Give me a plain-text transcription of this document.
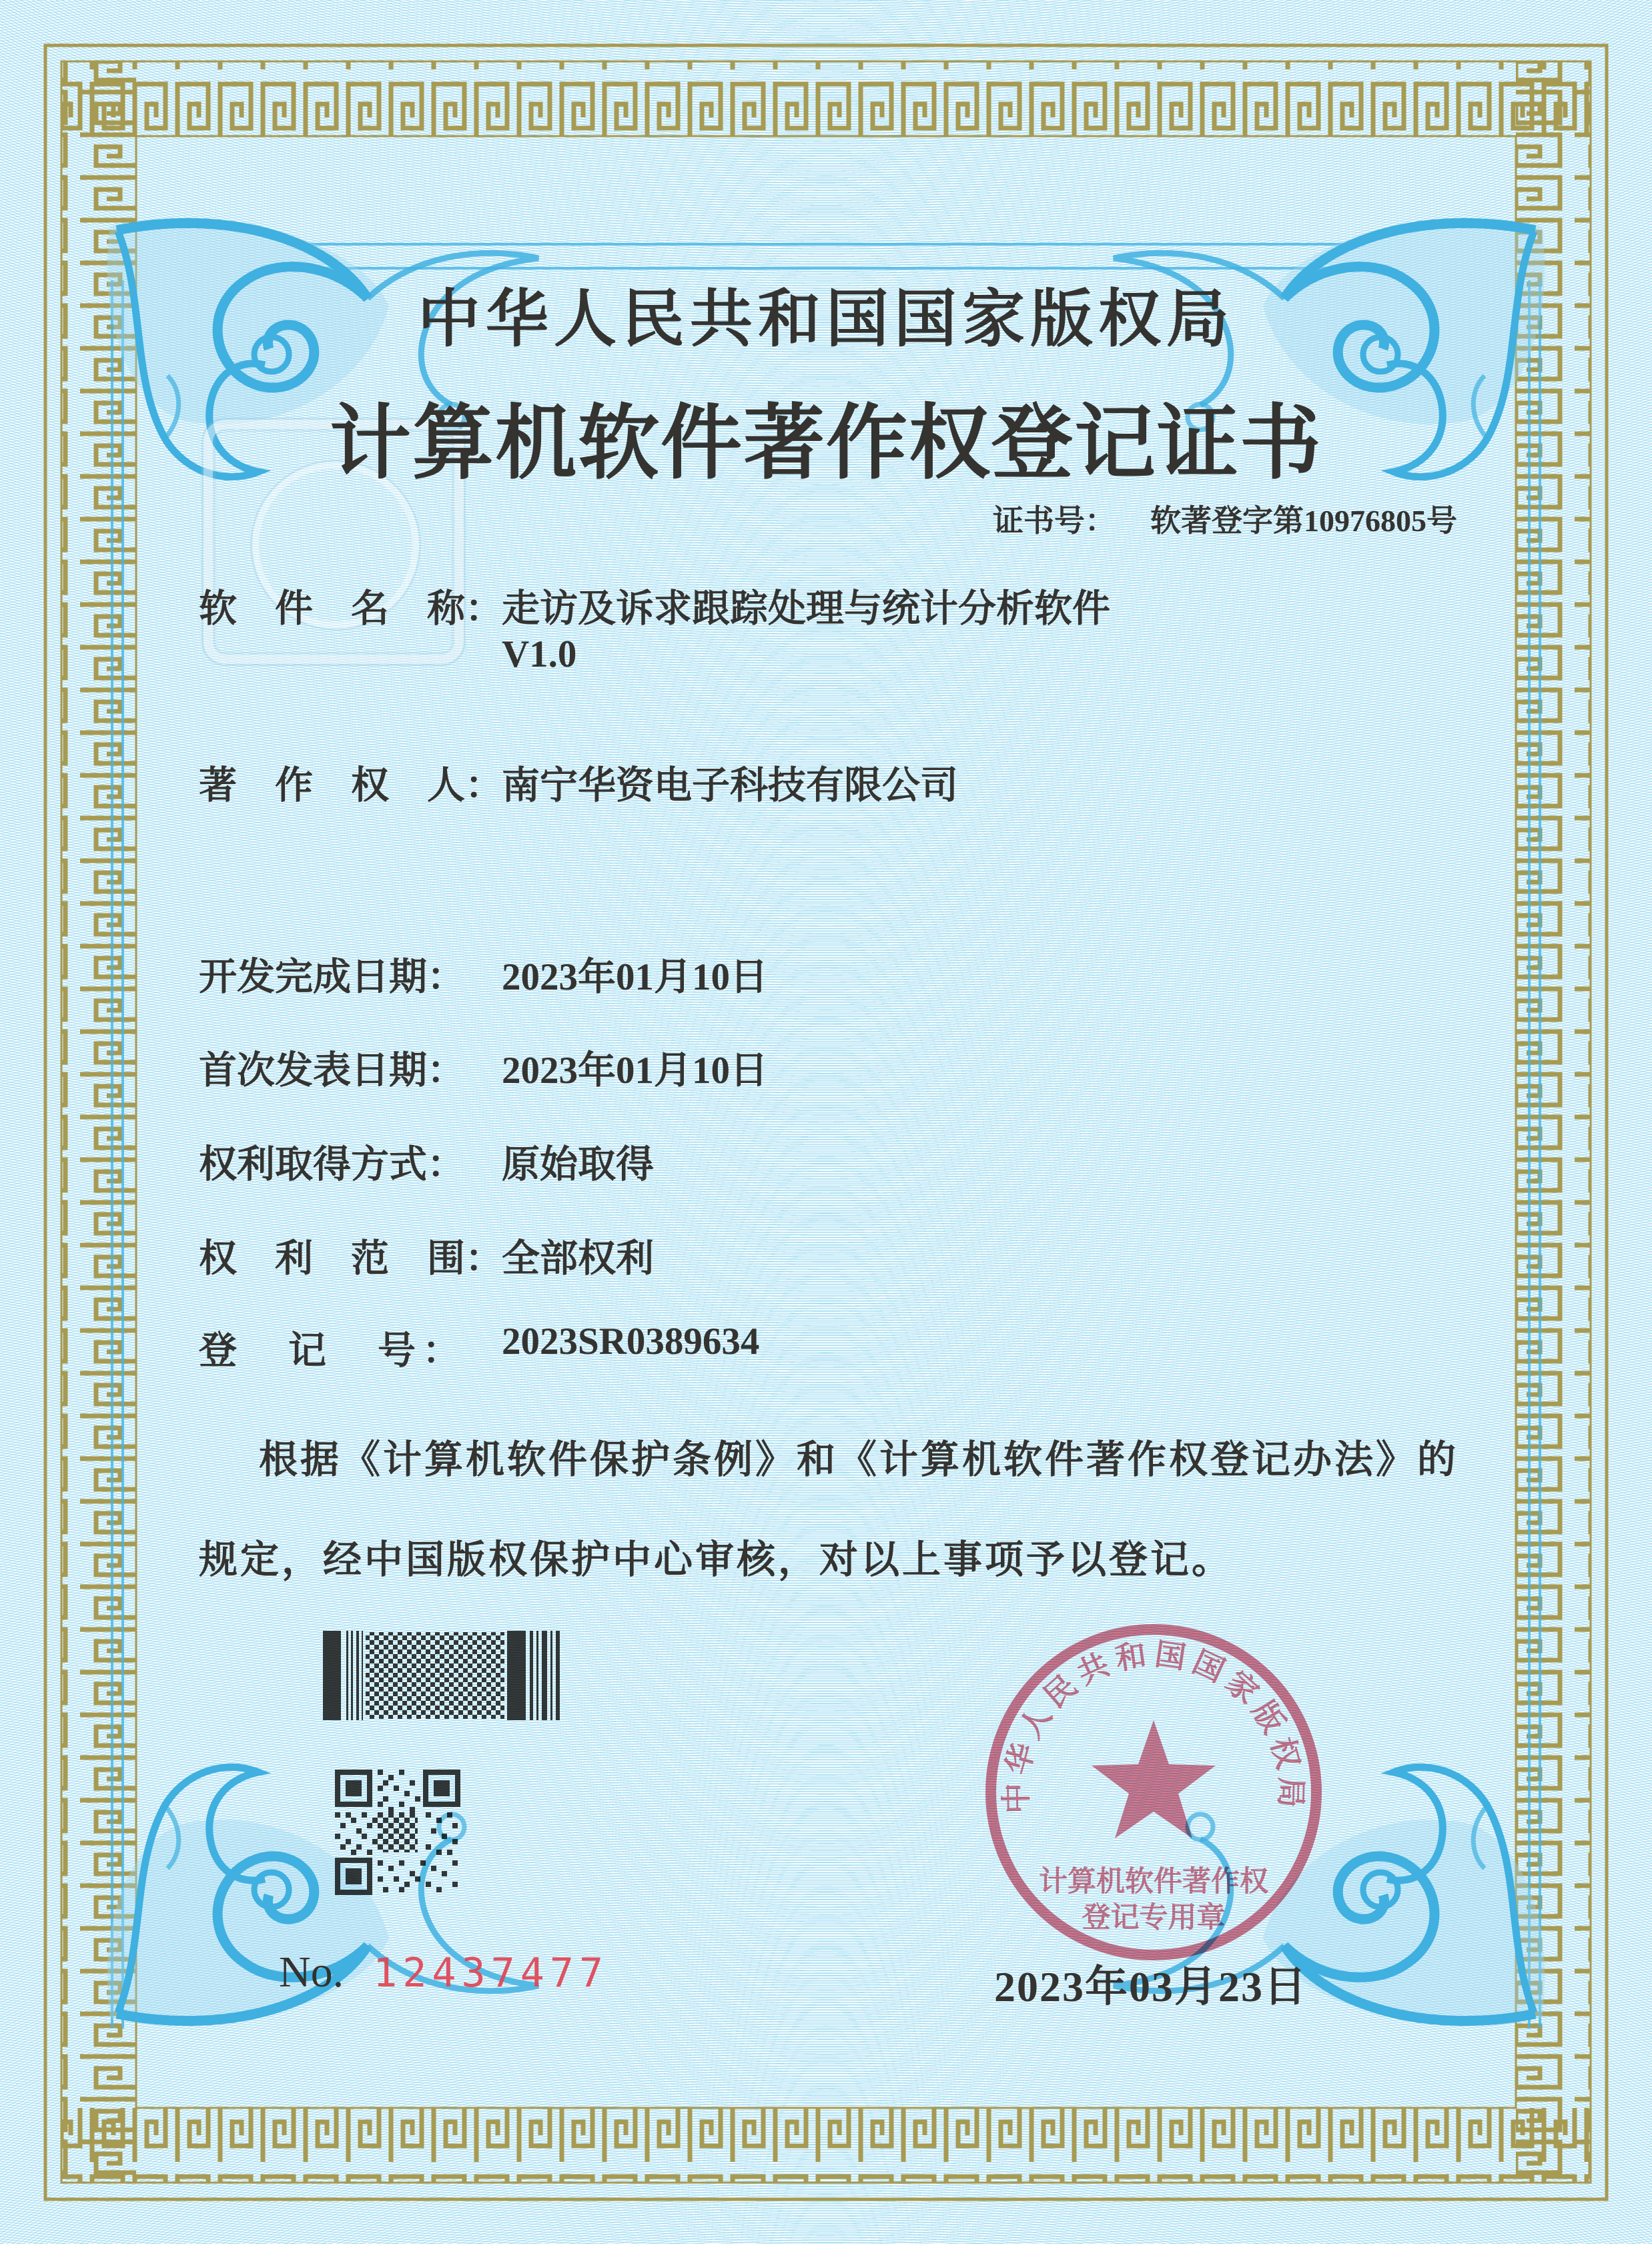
中华人民共和国国家版权局
计算机软件著作权登记证书
证书号： 软著登字第10976805号
软　件　名　称：
走访及诉求跟踪处理与统计分析软件
V1.0
著　作　权　人：
南宁华资电子科技有限公司
开发完成日期： 2023年01月10日
首次发表日期： 2023年01月10日
权利取得方式： 原始取得
权　利　范　围：
全部权利
登　记　号： 2023SR0389634
根据《计算机软件保护条例》和《计算机软件著作权登记办法》的
规定，经中国版权保护中心审核，对以上事项予以登记。
No. 12437477
中华人民共和国国家版权局
计算机软件著作权
登记专用章
2023年03月23日
